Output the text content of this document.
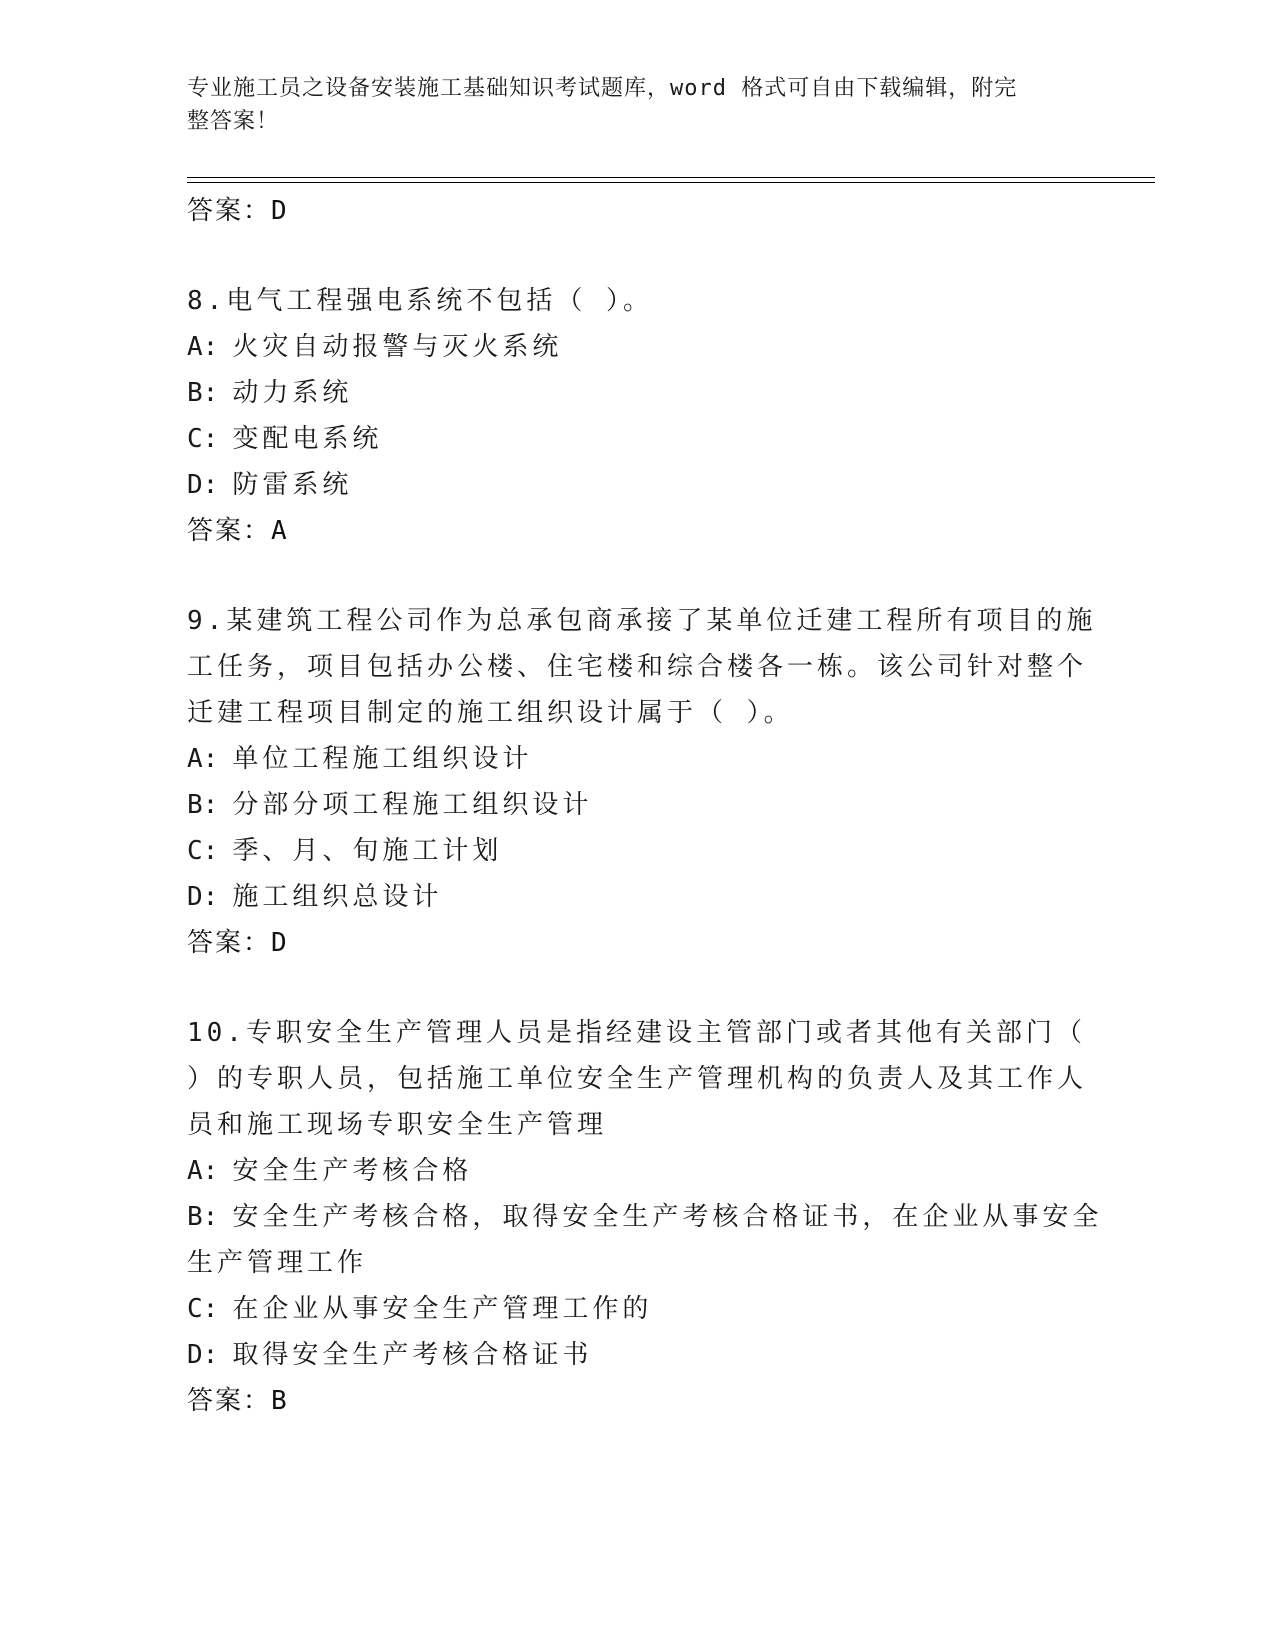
专业施工员之设备安装施工基础知识考试题库，word 格式可自由下载编辑，附完
整答案！
答案：D
8.电气工程强电系统不包括（ ）。
A: 火灾自动报警与灭火系统
B: 动力系统
C: 变配电系统
D: 防雷系统
答案：A
9.某建筑工程公司作为总承包商承接了某单位迁建工程所有项目的施
工任务，项目包括办公楼、住宅楼和综合楼各一栋。该公司针对整个
迁建工程项目制定的施工组织设计属于（ ）。
A: 单位工程施工组织设计
B: 分部分项工程施工组织设计
C: 季、月、旬施工计划
D: 施工组织总设计
答案：D
10.专职安全生产管理人员是指经建设主管部门或者其他有关部门（
）的专职人员，包括施工单位安全生产管理机构的负责人及其工作人
员和施工现场专职安全生产管理
A: 安全生产考核合格
B: 安全生产考核合格，取得安全生产考核合格证书，在企业从事安全
生产管理工作
C: 在企业从事安全生产管理工作的
D: 取得安全生产考核合格证书
答案：B
